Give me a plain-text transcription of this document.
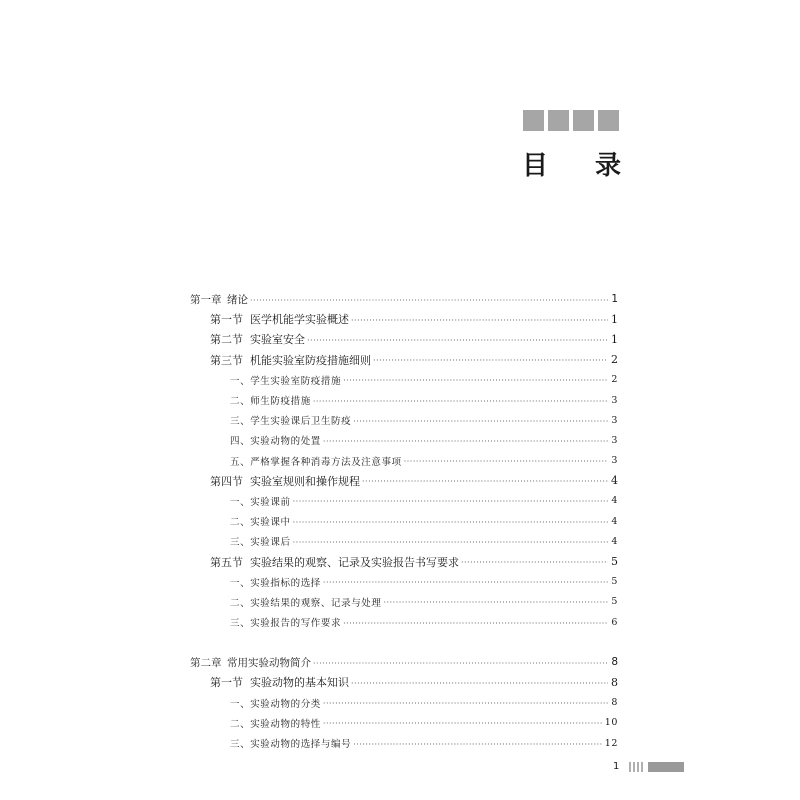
目 录
第一章 绪论 ·····	1
第一节 医学机能学实验概述 ·····	1
第二节 实验室安全 ·····	1
第三节 机能实验室防疫措施细则 ·····	2
一、学生实验室防疫措施 ·····	2
二、师生防疫措施 ·····	3
三、学生实验课后卫生防疫 ·····	3
四、实验动物的处置 ·····	3
五、严格掌握各种消毒方法及注意事项 ·····	3
第四节 实验室规则和操作规程 ·····	4
一、实验课前 ·····	4
二、实验课中 ·····	4
三、实验课后 ·····	4
第五节 实验结果的观察、记录及实验报告书写要求 ·····	5
一、实验指标的选择 ·····	5
二、实验结果的观察、记录与处理 ·····	5
三、实验报告的写作要求 ·····	6
第二章 常用实验动物简介 ·····	8
第一节 实验动物的基本知识 ·····	8
一、实验动物的分类 ·····	8
二、实验动物的特性 ·····	10
三、实验动物的选择与编号 ·····	12
1
